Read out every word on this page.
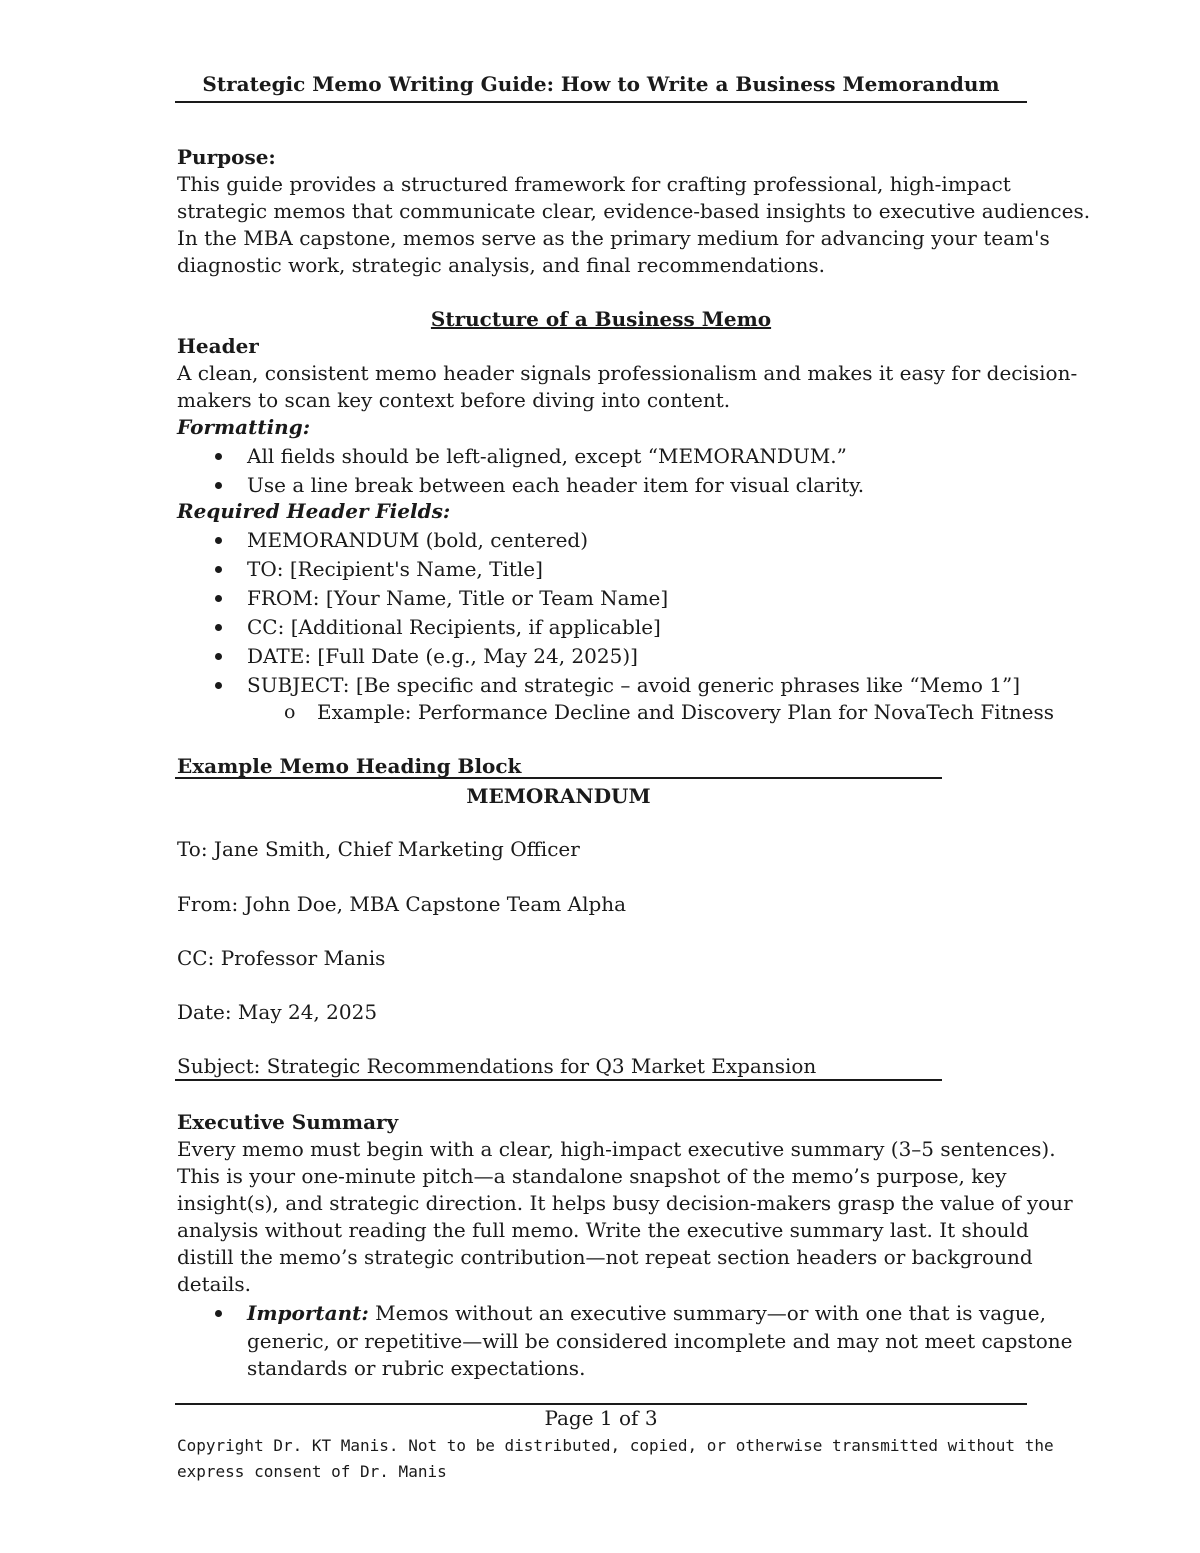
Strategic Memo Writing Guide: How to Write a Business Memorandum
Purpose:
This guide provides a structured framework for crafting professional, high-impact
strategic memos that communicate clear, evidence-based insights to executive audiences.
In the MBA capstone, memos serve as the primary medium for advancing your team's
diagnostic work, strategic analysis, and final recommendations.
Structure of a Business Memo
Header
A clean, consistent memo header signals professionalism and makes it easy for decision-
makers to scan key context before diving into content.
Formatting:
All fields should be left-aligned, except “MEMORANDUM.”
Use a line break between each header item for visual clarity.
Required Header Fields:
MEMORANDUM (bold, centered)
TO: [Recipient's Name, Title]
FROM: [Your Name, Title or Team Name]
CC: [Additional Recipients, if applicable]
DATE: [Full Date (e.g., May 24, 2025)]
SUBJECT: [Be specific and strategic – avoid generic phrases like “Memo 1”]
o Example: Performance Decline and Discovery Plan for NovaTech Fitness
Example Memo Heading Block
MEMORANDUM
To: Jane Smith, Chief Marketing Officer
From: John Doe, MBA Capstone Team Alpha
CC: Professor Manis
Date: May 24, 2025
Subject: Strategic Recommendations for Q3 Market Expansion
Executive Summary
Every memo must begin with a clear, high-impact executive summary (3–5 sentences).
This is your one-minute pitch—a standalone snapshot of the memo’s purpose, key
insight(s), and strategic direction. It helps busy decision-makers grasp the value of your
analysis without reading the full memo. Write the executive summary last. It should
distill the memo’s strategic contribution—not repeat section headers or background
details.
Important: Memos without an executive summary—or with one that is vague,
generic, or repetitive—will be considered incomplete and may not meet capstone
standards or rubric expectations.
Page 1 of 3
Copyright Dr. KT Manis. Not to be distributed, copied, or otherwise transmitted without the
express consent of Dr. Manis
